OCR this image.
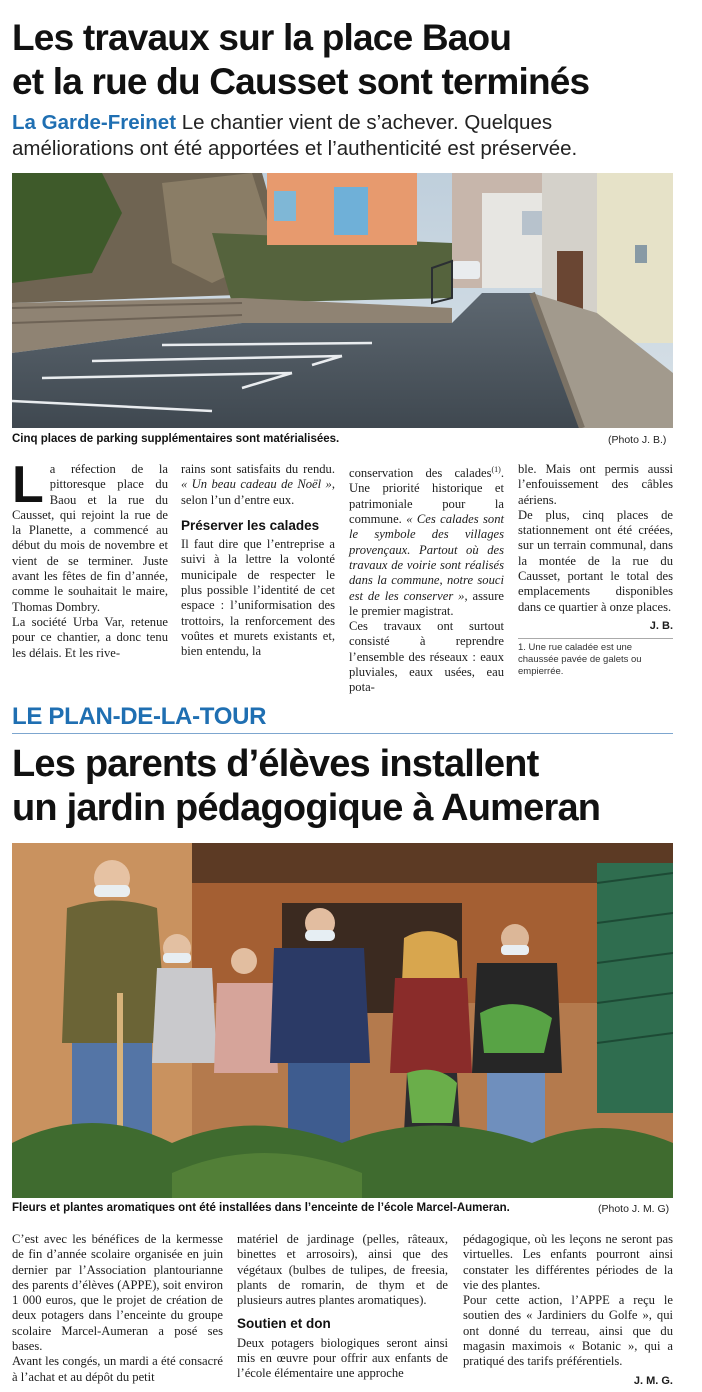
Les travaux sur la place Baou
et la rue du Causset sont terminés
La Garde-Freinet Le chantier vient de s’achever. Quelques
améliorations ont été apportées et l’authenticité est préservée.
Cinq places de parking supplémentaires sont matérialisées.	(Photo J. B.)
L a réfection de la pittoresque place du Baou et la rue du Causset, qui rejoint la rue de la Planette, a commencé au début du mois de novembre et vient de se terminer. Juste avant les fêtes de fin d’année, comme le souhaitait le maire, Thomas Dombry.

La société Urba Var, retenue pour ce chantier, a donc tenu les délais. Et les rive-

rains sont satisfaits du rendu. « Un beau cadeau de Noël », selon l’un d’entre eux.

Préserver les calades

Il faut dire que l’entreprise a suivi à la lettre la volonté municipale de respecter le plus possible l’identité de cet espace : l’uniformisation des trottoirs, la renforcement des voûtes et murets existants et, bien entendu, la

conservation des calades$^{(1)}$. Une priorité historique et patrimoniale pour la commune. « Ces calades sont le symbole des villages provençaux. Partout où des travaux de voirie sont réalisés dans la commune, notre souci est de les conserver », assure le premier magistrat.

Ces travaux ont surtout consisté à reprendre l’ensemble des réseaux : eaux pluviales, eaux usées, eau pota-

ble. Mais ont permis aussi l’enfouissement des câbles aériens.

De plus, cinq places de stationnement ont été créées, sur un terrain communal, dans la montée de la rue du Causset, portant le total des emplacements disponibles dans ce quartier à onze places.

J. B.
1. Une rue caladée est une chaussée pavée de galets ou empierrée.
LE PLAN-DE-LA-TOUR
Les parents d’élèves installent
un jardin pédagogique à Aumeran
Fleurs et plantes aromatiques ont été installées dans l’enceinte de l’école Marcel-Aumeran.	(Photo J. M. G)

C’est avec les bénéfices de la kermesse de fin d’année scolaire organisée en juin dernier par l’Association plantourianne des parents d’élèves (APPE), soit environ 1 000 euros, que le projet de création de deux potagers dans l’enceinte du groupe scolaire Marcel-Aumeran a posé ses bases.

Avant les congés, un mardi a été consacré à l’achat et au dépôt du petit

matériel de jardinage (pelles, râteaux, binettes et arrosoirs), ainsi que des végétaux (bulbes de tulipes, de freesia, plants de romarin, de thym et de plusieurs autres plantes aromatiques).

Soutien et don

Deux potagers biologiques seront ainsi mis en œuvre pour offrir aux enfants de l’école élémentaire une approche

pédagogique, où les leçons ne seront pas virtuelles. Les enfants pourront ainsi constater les différentes périodes de la vie des plantes.

Pour cette action, l’APPE a reçu le soutien des « Jardiniers du Golfe », qui ont donné du terreau, ainsi que du magasin maximois « Botanic », qui a pratiqué des tarifs préférentiels.

J. M. G.
